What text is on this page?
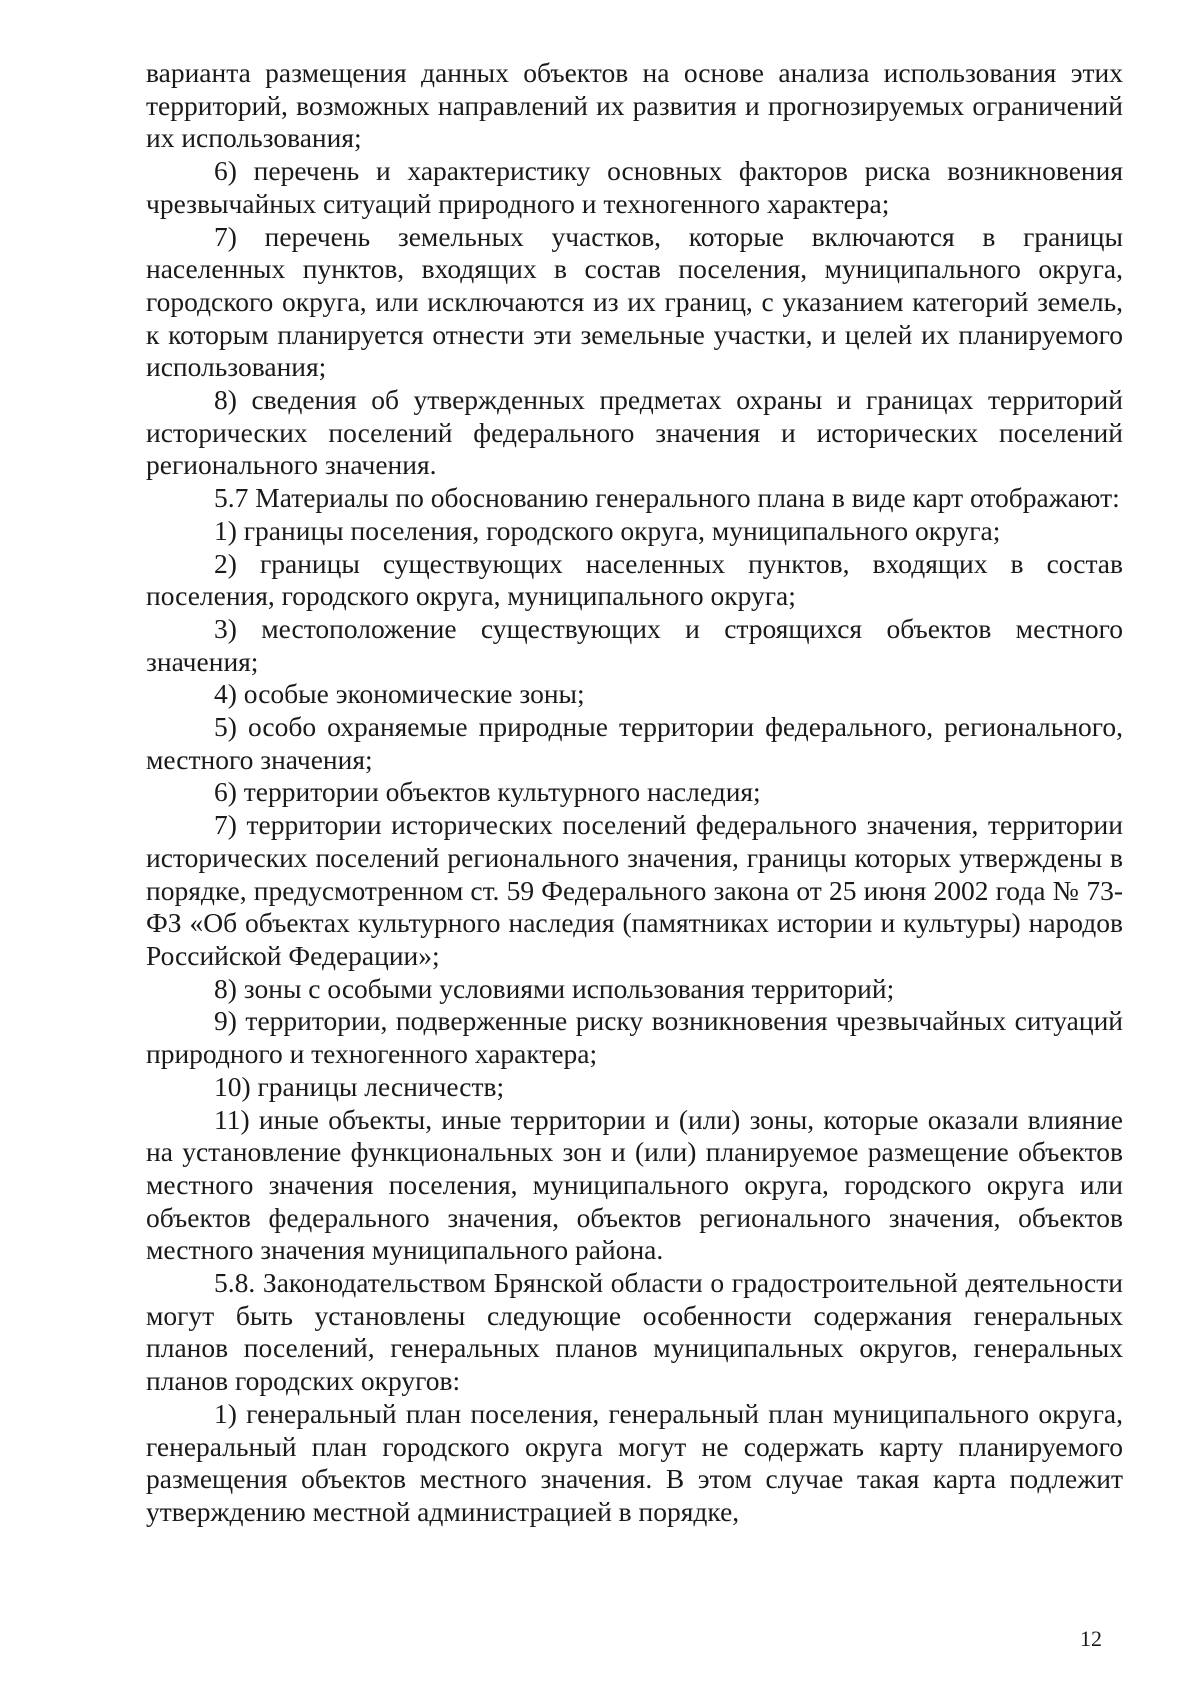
варианта размещения данных объектов на основе анализа использования этих территорий, возможных направлений их развития и прогнозируемых ограничений их использования;

6) перечень и характеристику основных факторов риска возникновения чрезвычайных ситуаций природного и техногенного характера;

7) перечень земельных участков, которые включаются в границы населенных пунктов, входящих в состав поселения, муниципального округа, городского округа, или исключаются из их границ, с указанием категорий земель, к которым планируется отнести эти земельные участки, и целей их планируемого использования;

8) сведения об утвержденных предметах охраны и границах территорий исторических поселений федерального значения и исторических поселений регионального значения.

5.7 Материалы по обоснованию генерального плана в виде карт отображают:

1) границы поселения, городского округа, муниципального округа;

2) границы существующих населенных пунктов, входящих в состав поселения, городского округа, муниципального округа;

3) местоположение существующих и строящихся объектов местного значения;

4) особые экономические зоны;

5) особо охраняемые природные территории федерального, регионального, местного значения;

6) территории объектов культурного наследия;

7) территории исторических поселений федерального значения, территории исторических поселений регионального значения, границы которых утверждены в порядке, предусмотренном ст. 59 Федерального закона от 25 июня 2002 года № 73-ФЗ «Об объектах культурного наследия (памятниках истории и культуры) народов Российской Федерации»;

8) зоны с особыми условиями использования территорий;

9) территории, подверженные риску возникновения чрезвычайных ситуаций природного и техногенного характера;

10) границы лесничеств;

11) иные объекты, иные территории и (или) зоны, которые оказали влияние на установление функциональных зон и (или) планируемое размещение объектов местного значения поселения, муниципального округа, городского округа или объектов федерального значения, объектов регионального значения, объектов местного значения муниципального района.

5.8. Законодательством Брянской области о градостроительной деятельности могут быть установлены следующие особенности содержания генеральных планов поселений, генеральных планов муниципальных округов, генеральных планов городских округов:

1) генеральный план поселения, генеральный план муниципального округа, генеральный план городского округа могут не содержать карту планируемого размещения объектов местного значения. В этом случае такая карта подлежит утверждению местной администрацией в порядке,

12
